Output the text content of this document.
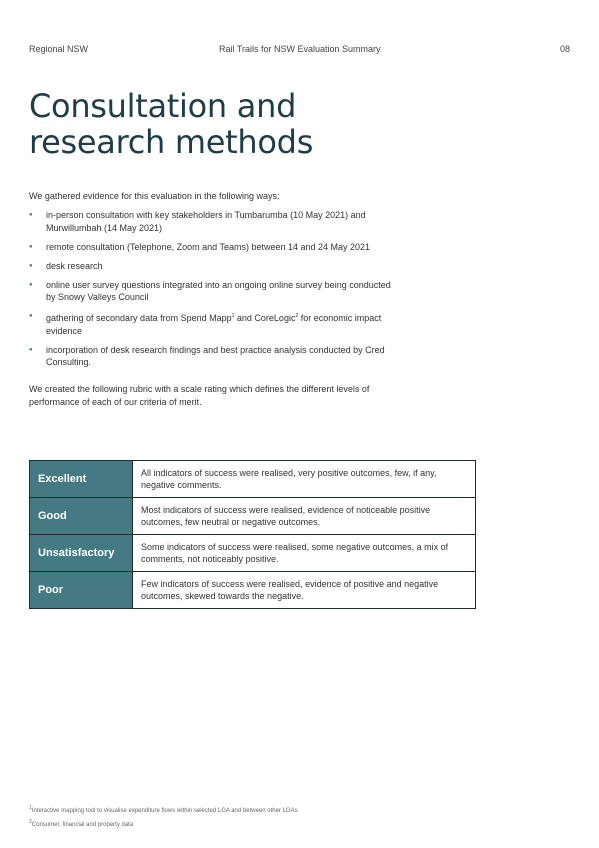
Regional NSW	Rail Trails for NSW Evaluation Summary	08
Consultation and research methods

We gathered evidence for this evaluation in the following ways:

● in-person consultation with key stakeholders in Tumbarumba (10 May 2021) and Murwillumbah (14 May 2021)
● remote consultation (Telephone, Zoom and Teams) between 14 and 24 May 2021
● desk research
● online user survey questions integrated into an ongoing online survey being conducted by Snowy Valleys Council
● gathering of secondary data from Spend Mapp$^1$ and CoreLogic$^2$ for economic impact evidence
● incorporation of desk research findings and best practice analysis conducted by Cred Consulting.

We created the following rubric with a scale rating which defines the different levels of performance of each of our criteria of merit.

Excellent	All indicators of success were realised, very positive outcomes, few, if any, negative comments.
Good	Most indicators of success were realised, evidence of noticeable positive outcomes, few neutral or negative outcomes.
Unsatisfactory	Some indicators of success were realised, some negative outcomes, a mix of comments, not noticeably positive.
Poor	Few indicators of success were realised, evidence of positive and negative outcomes, skewed towards the negative.
$^1$Interactive mapping tool to visualise expenditure flows within selected LGA and between other LGAs
$^2$Consumer, financial and property data
